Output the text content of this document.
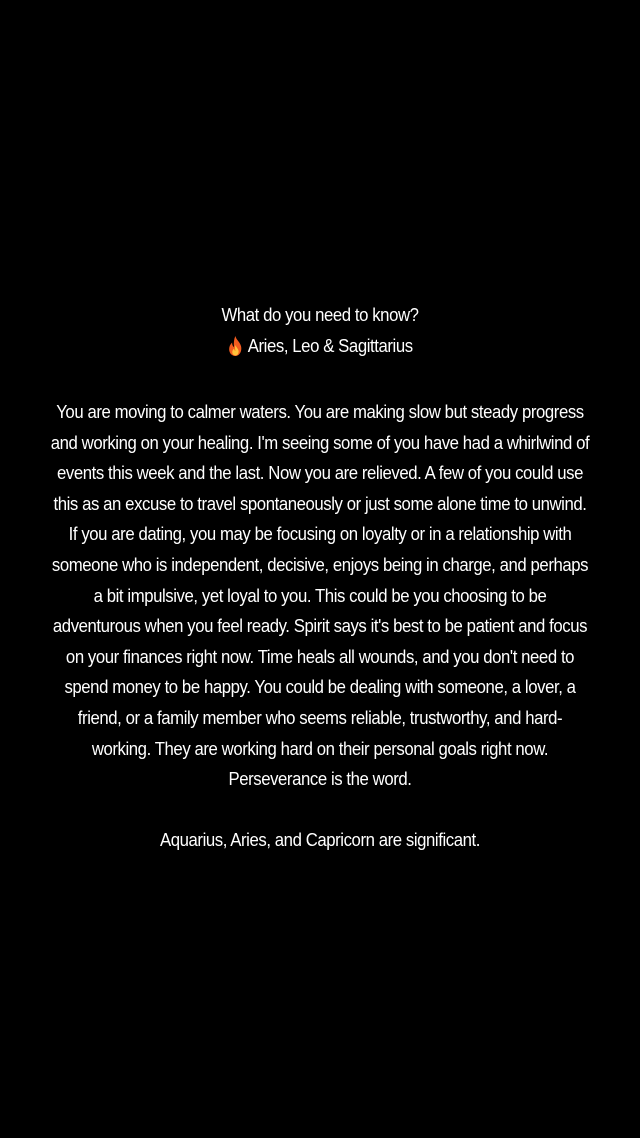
What do you need to know?

Aries, Leo & Sagittarius

You are moving to calmer waters. You are making slow but steady progress and working on your healing. I'm seeing some of you have had a whirlwind of events this week and the last. Now you are relieved. A few of you could use this as an excuse to travel spontaneously or just some alone time to unwind. If you are dating, you may be focusing on loyalty or in a relationship with someone who is independent, decisive, enjoys being in charge, and perhaps a bit impulsive, yet loyal to you. This could be you choosing to be adventurous when you feel ready. Spirit says it's best to be patient and focus on your finances right now. Time heals all wounds, and you don't need to spend money to be happy. You could be dealing with someone, a lover, a friend, or a family member who seems reliable, trustworthy, and hard-working. They are working hard on their personal goals right now. Perseverance is the word.

Aquarius, Aries, and Capricorn are significant.
